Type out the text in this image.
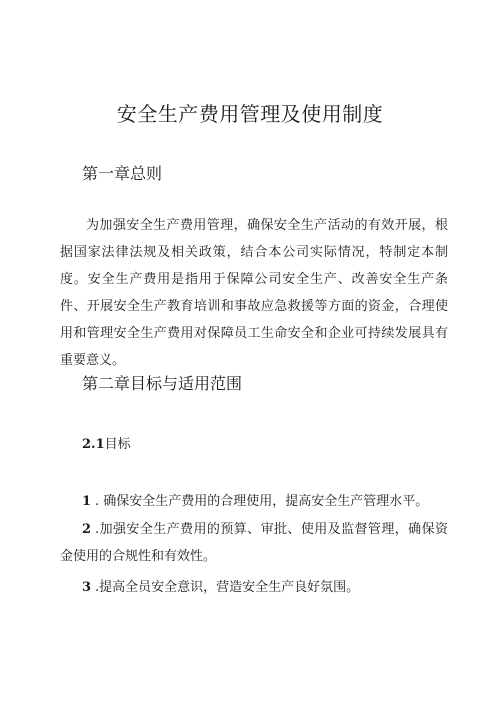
安全生产费用管理及使用制度
第一章总则

为加强安全生产费用管理，确保安全生产活动的有效开展，根据国家法律法规及相关政策，结合本公司实际情况，特制定本制度。安全生产费用是指用于保障公司安全生产、改善安全生产条件、开展安全生产教育培训和事故应急救援等方面的资金，合理使用和管理安全生产费用对保障员工生命安全和企业可持续发展具有重要意义。

第二章目标与适用范围

2.1目标

1 . 确保安全生产费用的合理使用，提高安全生产管理水平。

2 .加强安全生产费用的预算、审批、使用及监督管理，确保资金使用的合规性和有效性。

3 .提高全员安全意识，营造安全生产良好氛围。
